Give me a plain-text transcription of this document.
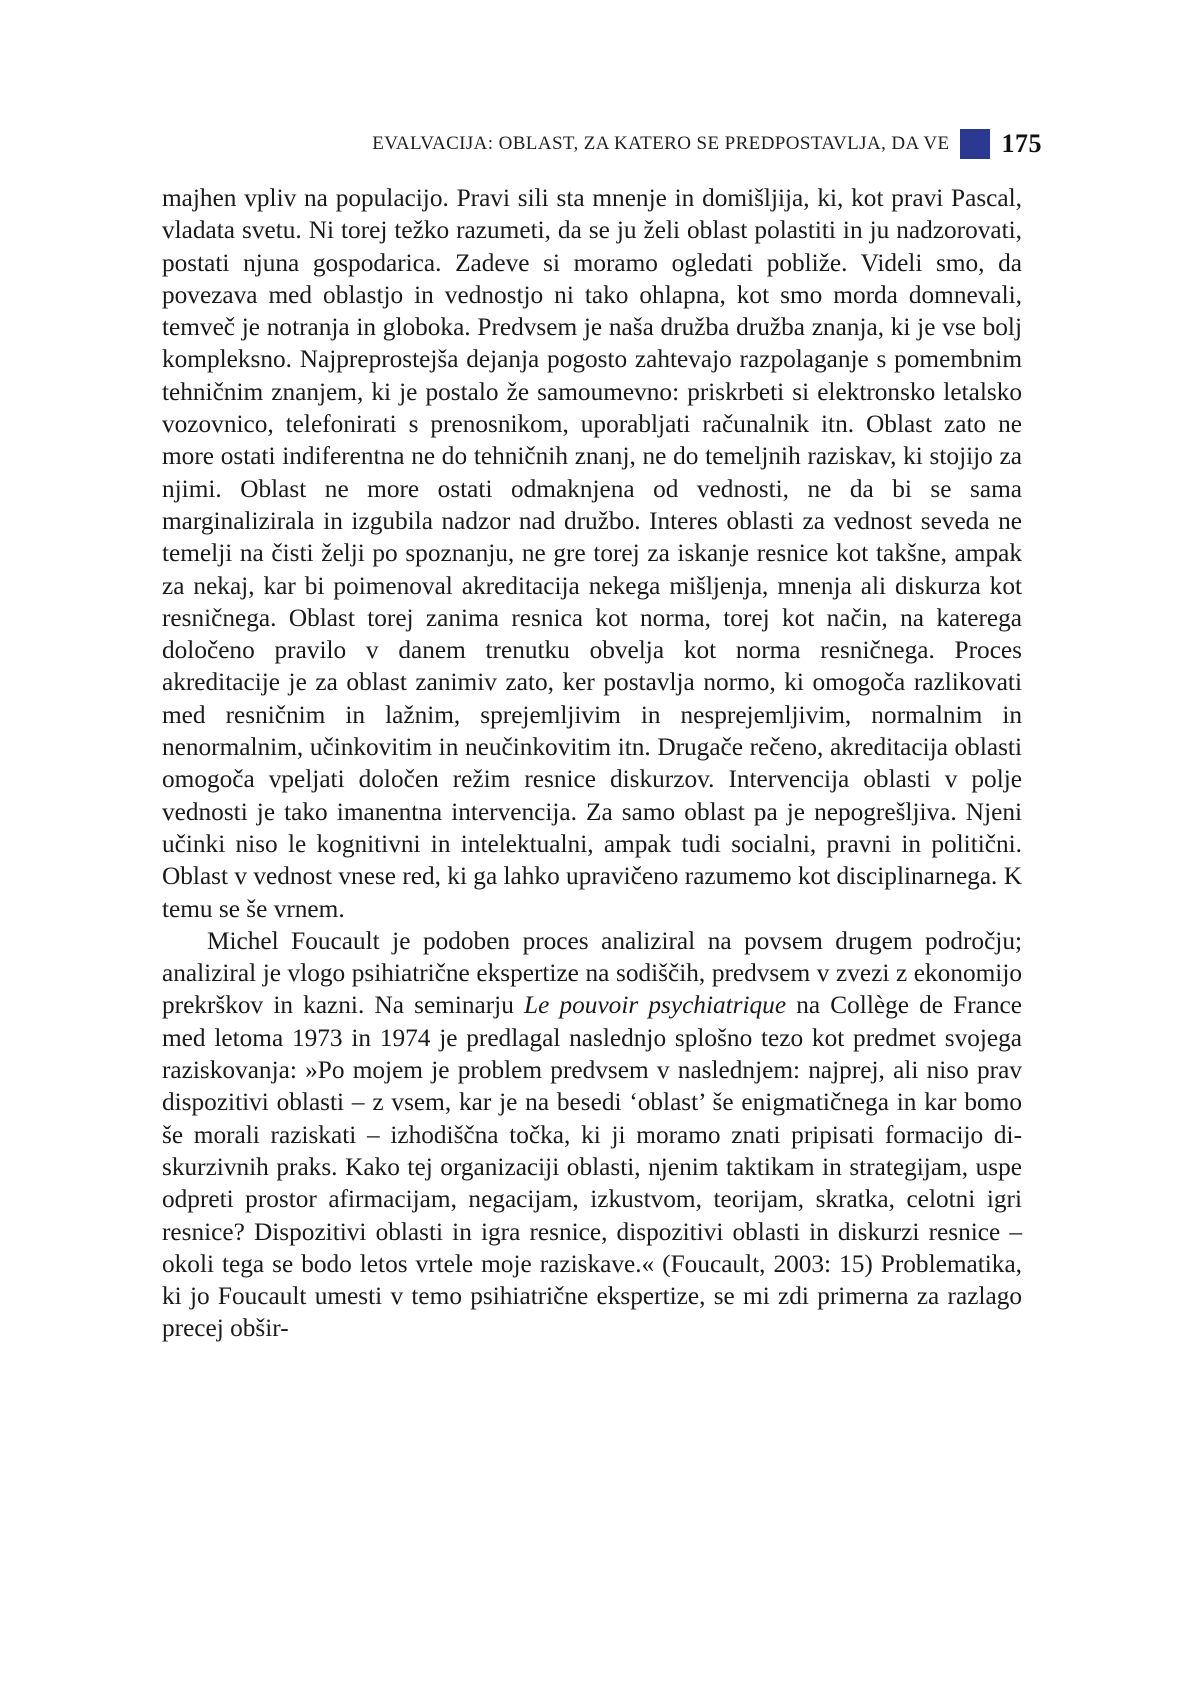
EVALVACIJA: OBLAST, ZA KATERO SE PREDPOSTAVLJA, DA VE 175

majhen vpliv na populacijo. Pravi sili sta mnenje in domišljija, ki, kot pravi Pascal, vladata svetu. Ni torej težko razumeti, da se ju želi oblast polastiti in ju nadzorovati, postati njuna gospodarica. Zadeve si moramo ogledati pobliže. Videli smo, da povezava med oblastjo in vednostjo ni tako ohlapna, kot smo morda domnevali, temveč je notranja in globoka. Predvsem je naša družba družba znanja, ki je vse bolj kompleksno. Najpreprostejša dejanja pogosto zahtevajo razpolaganje s pomembnim tehničnim znanjem, ki je postalo že samoumevno: priskrbeti si elektronsko letalsko vozovnico, telefonirati s prenosnikom, uporabljati računalnik itn. Oblast zato ne more ostati indiferentna ne do tehničnih znanj, ne do temeljnih raziskav, ki stojijo za njimi. Oblast ne more ostati odmaknjena od vednosti, ne da bi se sama marginalizirala in izgubila nadzor nad družbo. Interes oblasti za vednost seveda ne temelji na čisti želji po spoznanju, ne gre torej za iskanje resnice kot takšne, ampak za nekaj, kar bi poimenoval akreditacija nekega mišljenja, mnenja ali diskurza kot resničnega. Oblast torej zanima resnica kot norma, torej kot način, na katerega določeno pravilo v danem trenutku obvelja kot norma resničnega. Proces akreditacije je za oblast zanimiv zato, ker postavlja normo, ki omogoča razlikovati med resničnim in lažnim, sprejemljivim in nesprejemljivim, normalnim in nenormalnim, učinkovitim in neučinkovitim itn. Drugače rečeno, akreditacija oblasti omogoča vpeljati določen režim resnice diskurzov. Intervencija oblasti v polje vednosti je tako imanentna intervencija. Za samo oblast pa je nepogrešljiva. Njeni učinki niso le kognitivni in intelektualni, ampak tudi socialni, pravni in politični. Oblast v vednost vnese red, ki ga lahko upravičeno razumemo kot disciplinarnega. K temu se še vrnem.

Michel Foucault je podoben proces analiziral na povsem drugem področju; analiziral je vlogo psihiatrične ekspertize na sodiščih, predvsem v zvezi z ekonomijo prekrškov in kazni. Na seminarju Le pouvoir psychiatrique na Collège de France med letoma 1973 in 1974 je predlagal naslednjo splošno tezo kot predmet svojega raziskovanja: »Po mojem je problem predvsem v naslednjem: najprej, ali niso prav dispozitivi oblasti – z vsem, kar je na besedi ‘oblast’ še enigmatičnega in kar bomo še morali raziskati – izhodiščna točka, ki ji moramo znati pripisati formacijo diskurzivnih praks. Kako tej organizaciji oblasti, njenim taktikam in strategijam, uspe odpreti prostor afirmacijam, negacijam, izkustvom, teorijam, skratka, celotni igri resnice? Dispozitivi oblasti in igra resnice, dispozitivi oblasti in diskurzi resnice – okoli tega se bodo letos vrtele moje raziskave.« (Foucault, 2003: 15) Problematika, ki jo Foucault umesti v temo psihiatrične ekspertize, se mi zdi primerna za razlago precej obšir-
